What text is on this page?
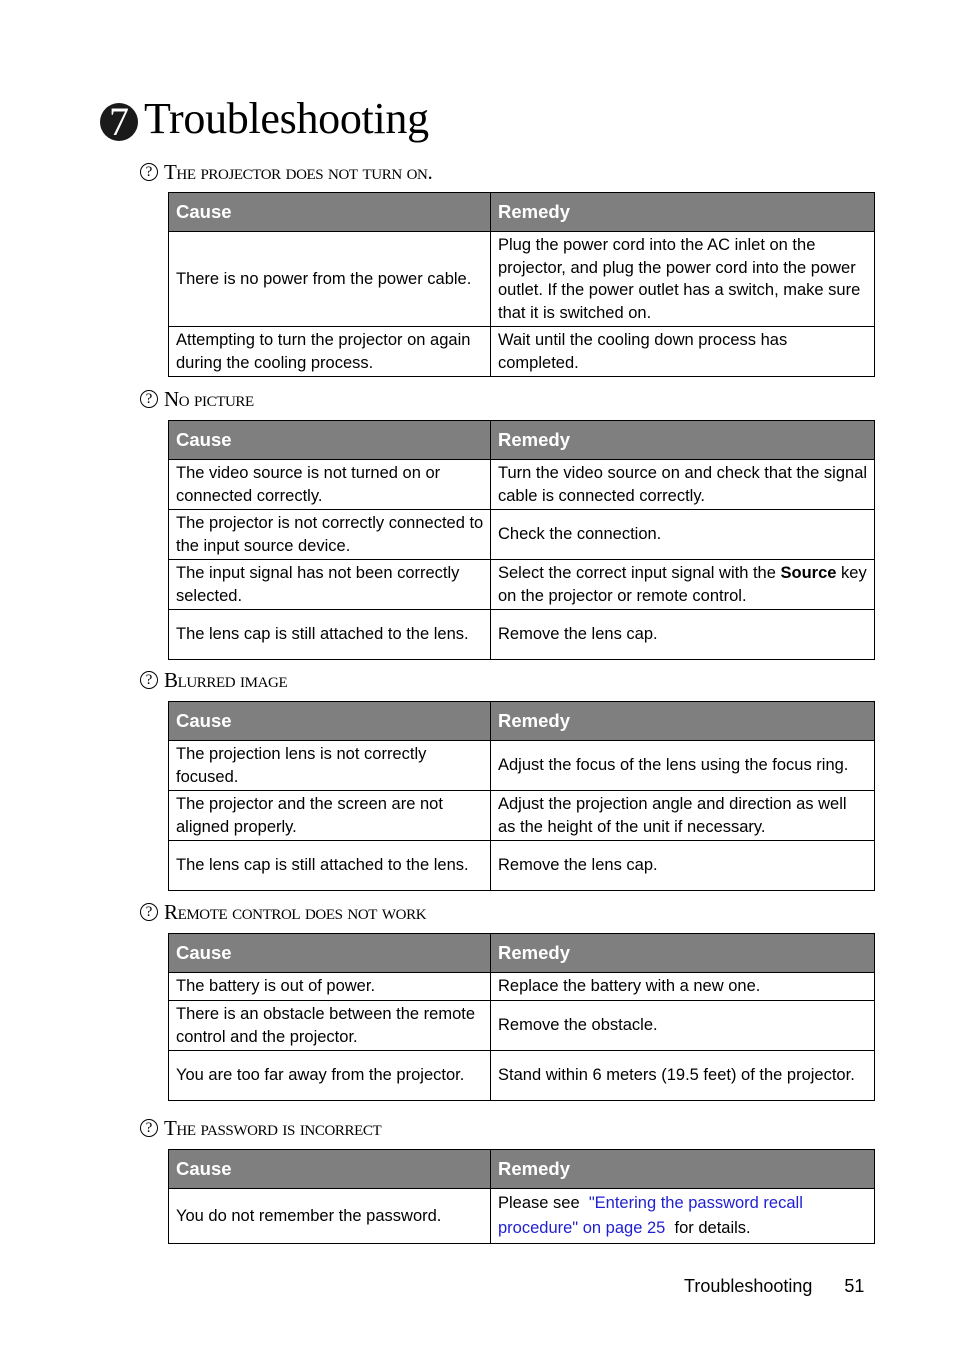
7 Troubleshooting
? The projector does not turn on.
Cause	Remedy
There is no power from the power cable.	Plug the power cord into the AC inlet on the projector, and plug the power cord into the power outlet. If the power outlet has a switch, make sure that it is switched on.
Attempting to turn the projector on again during the cooling process.	Wait until the cooling down process has completed.
? No picture
Cause	Remedy
The video source is not turned on or connected correctly.	Turn the video source on and check that the signal cable is connected correctly.
The projector is not correctly connected to the input source device.	Check the connection.
The input signal has not been correctly selected.	Select the correct input signal with the Source key on the projector or remote control.
The lens cap is still attached to the lens.	Remove the lens cap.
? Blurred image
Cause	Remedy
The projection lens is not correctly focused.	Adjust the focus of the lens using the focus ring.
The projector and the screen are not aligned properly.	Adjust the projection angle and direction as well as the height of the unit if necessary.
The lens cap is still attached to the lens.	Remove the lens cap.
? Remote control does not work
Cause	Remedy
The battery is out of power.	Replace the battery with a new one.
There is an obstacle between the remote control and the projector.	Remove the obstacle.
You are too far away from the projector.	Stand within 6 meters (19.5 feet) of the projector.
? The password is incorrect
Cause	Remedy
You do not remember the password.	Please see "Entering the password recall procedure" on page 25 for details.
Troubleshooting 51
